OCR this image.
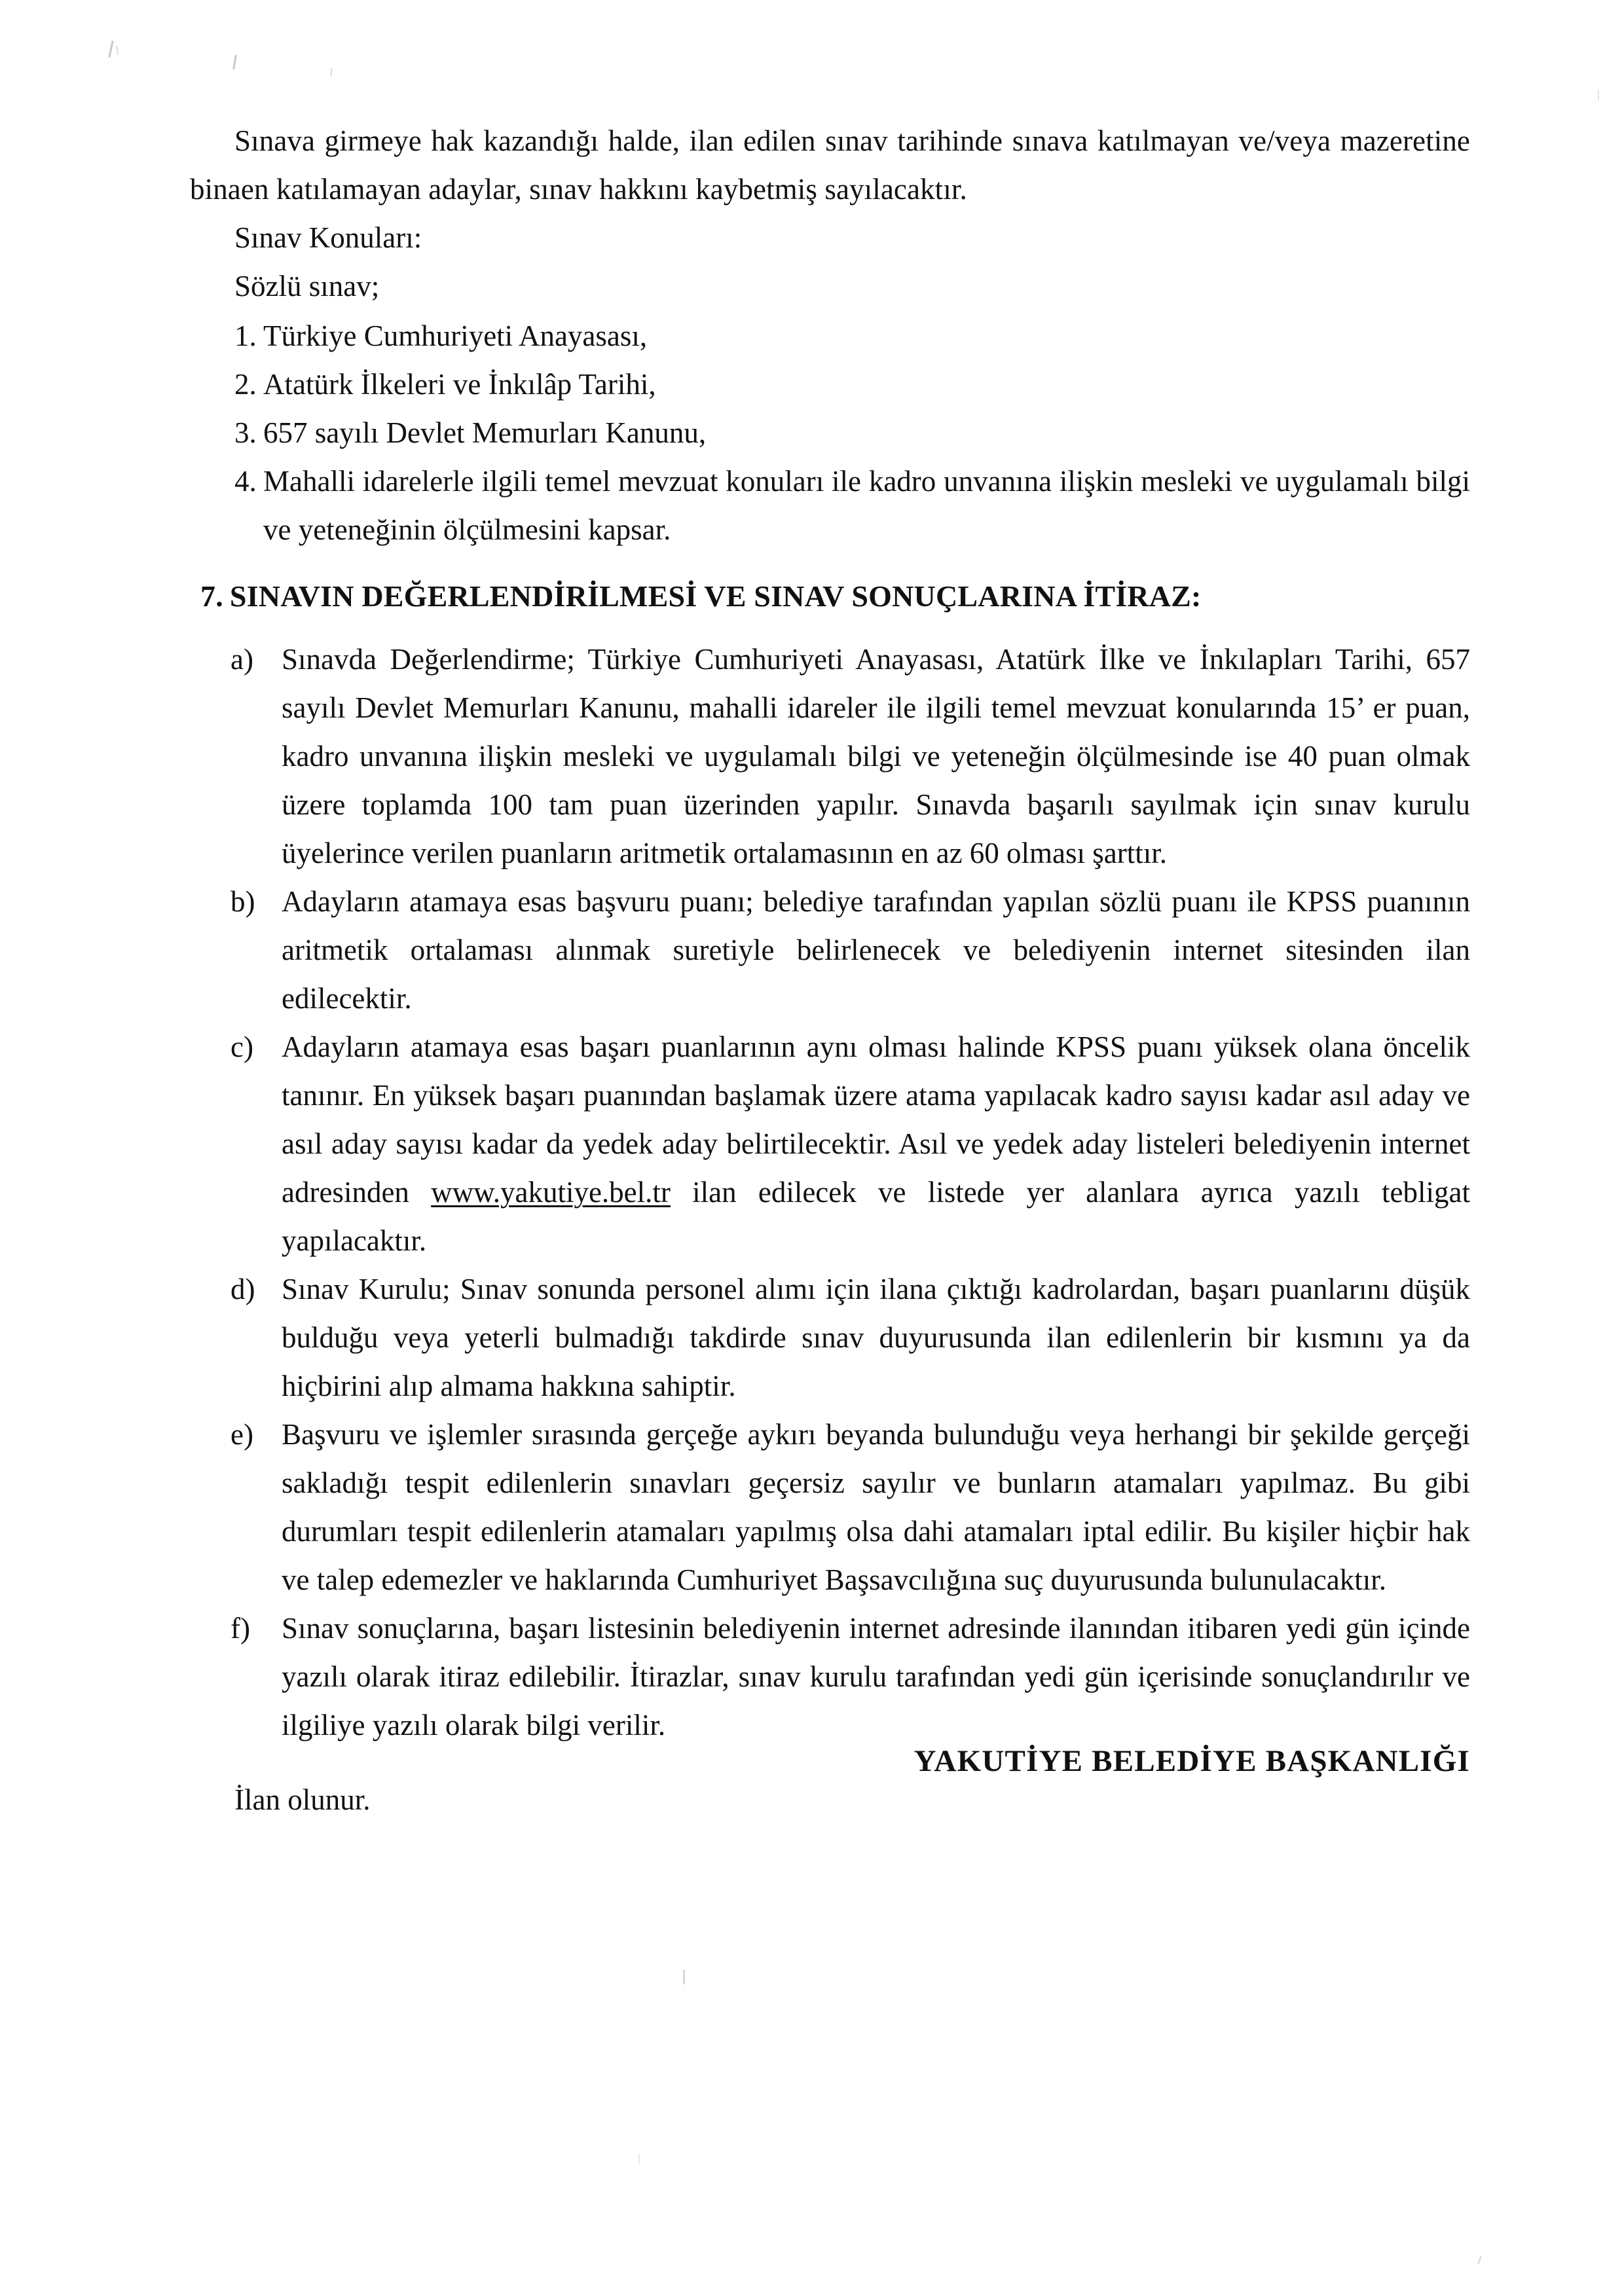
Sınava girmeye hak kazandığı halde, ilan edilen sınav tarihinde sınava katılmayan ve/veya mazeretine binaen katılamayan adaylar, sınav hakkını kaybetmiş sayılacaktır.

Sınav Konuları:
Sözlü sınav;
1. Türkiye Cumhuriyeti Anayasası,
2. Atatürk İlkeleri ve İnkılâp Tarihi,
3. 657 sayılı Devlet Memurları Kanunu,
4. Mahalli idarelerle ilgili temel mevzuat konuları ile kadro unvanına ilişkin mesleki ve uygulamalı bilgi ve yeteneğinin ölçülmesini kapsar.
7. SINAVIN DEĞERLENDİRİLMESİ VE SINAV SONUÇLARINA İTİRAZ:
a) Sınavda Değerlendirme; Türkiye Cumhuriyeti Anayasası, Atatürk İlke ve İnkılapları Tarihi, 657 sayılı Devlet Memurları Kanunu, mahalli idareler ile ilgili temel mevzuat konularında 15’ er puan, kadro unvanına ilişkin mesleki ve uygulamalı bilgi ve yeteneğin ölçülmesinde ise 40 puan olmak üzere toplamda 100 tam puan üzerinden yapılır. Sınavda başarılı sayılmak için sınav kurulu üyelerince verilen puanların aritmetik ortalamasının en az 60 olması şarttır.
b) Adayların atamaya esas başvuru puanı; belediye tarafından yapılan sözlü puanı ile KPSS puanının aritmetik ortalaması alınmak suretiyle belirlenecek ve belediyenin internet sitesinden ilan edilecektir.
c) Adayların atamaya esas başarı puanlarının aynı olması halinde KPSS puanı yüksek olana öncelik tanınır. En yüksek başarı puanından başlamak üzere atama yapılacak kadro sayısı kadar asıl aday ve asıl aday sayısı kadar da yedek aday belirtilecektir. Asıl ve yedek aday listeleri belediyenin internet adresinden www.yakutiye.bel.tr ilan edilecek ve listede yer alanlara ayrıca yazılı tebligat yapılacaktır.
d) Sınav Kurulu; Sınav sonunda personel alımı için ilana çıktığı kadrolardan, başarı puanlarını düşük bulduğu veya yeterli bulmadığı takdirde sınav duyurusunda ilan edilenlerin bir kısmını ya da hiçbirini alıp almama hakkına sahiptir.
e) Başvuru ve işlemler sırasında gerçeğe aykırı beyanda bulunduğu veya herhangi bir şekilde gerçeği sakladığı tespit edilenlerin sınavları geçersiz sayılır ve bunların atamaları yapılmaz. Bu gibi durumları tespit edilenlerin atamaları yapılmış olsa dahi atamaları iptal edilir. Bu kişiler hiçbir hak ve talep edemezler ve haklarında Cumhuriyet Başsavcılığına suç duyurusunda bulunulacaktır.
f)	Sınav sonuçlarına, başarı listesinin belediyenin internet adresinde ilanından itibaren yedi gün içinde yazılı olarak itiraz edilebilir. İtirazlar, sınav kurulu tarafından yedi gün içerisinde sonuçlandırılır ve ilgiliye yazılı olarak bilgi verilir.
İlan olunur.
YAKUTİYE BELEDİYE BAŞKANLIĞI
